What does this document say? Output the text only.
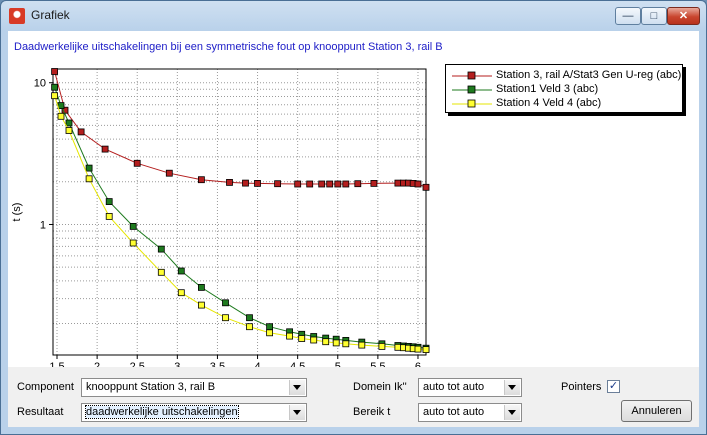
Grafiek	—	□	✕
Daadwerkelijke uitschakelingen bij een symmetrische fout op knooppunt Station 3, rail B
1
10
t (s)
Station 3, rail A/Stat3 Gen U-reg (abc)
Station1 Veld 3 (abc)
Station 4 Veld 4 (abc)
Component knooppunt Station 3, rail B
Resultaat daadwerkelijke uitschakelingen
Domein Ik'' auto tot auto
Bereik t	auto tot auto
Pointers ✓
Annuleren
